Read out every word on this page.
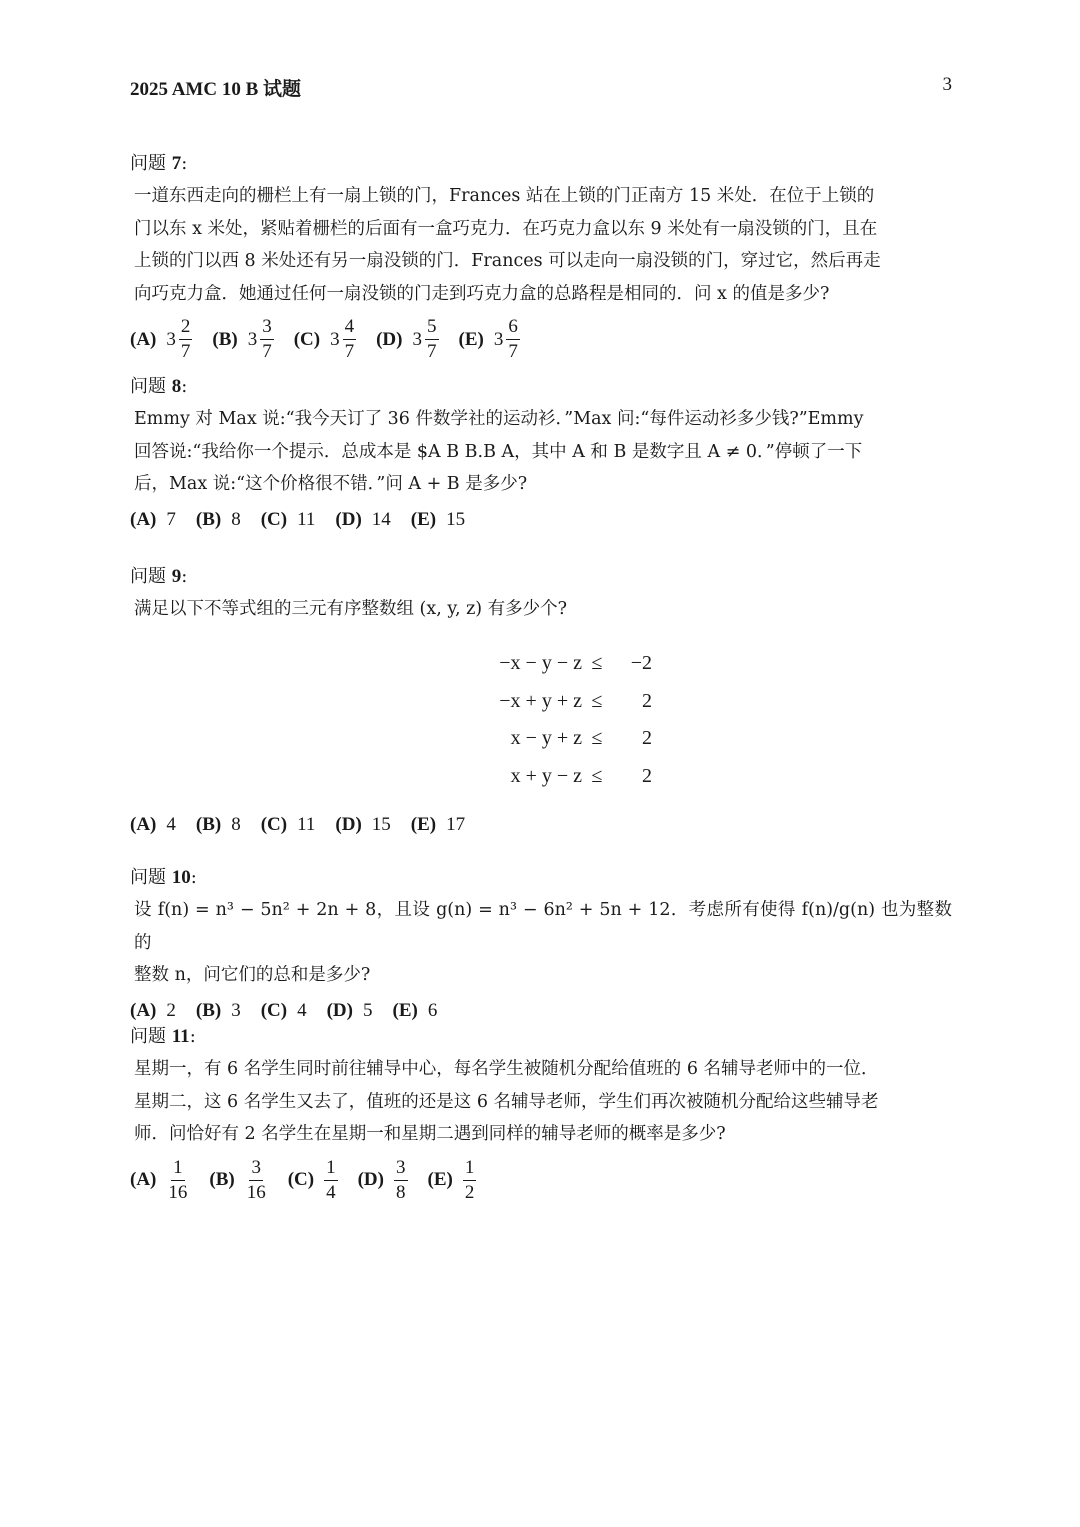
2025 AMC 10 B 试题	3

问题 7:

一道东西走向的栅栏上有一扇上锁的门，Frances 站在上锁的门正南方 15 米处．在位于上锁的
门以东 x 米处，紧贴着栅栏的后面有一盒巧克力．在巧克力盒以东 9 米处有一扇没锁的门，且在
上锁的门以西 8 米处还有另一扇没锁的门．Frances 可以走向一扇没锁的门，穿过它，然后再走
向巧克力盒．她通过任何一扇没锁的门走到巧克力盒的总路程是相同的．问 x 的值是多少?
(A) $3 \frac{2}{7} (B)$ $3 \frac{3}{7} (C)$ $3 \frac{4}{7} (D)$ $3 \frac{5}{7} (E)$ $3 \frac{6}{7}$

问题 8:

Emmy 对 Max 说:“我今天订了 36 件数学社的运动衫．”Max 问:“每件运动衫多少钱?”Emmy
回答说:“我给你一个提示．总成本是 $A B B.B A，其中 A 和 B 是数字且 A ≠ 0．”停顿了一下
后，Max 说:“这个价格很不错．”问 A + B 是多少?
(A) 7 (B) 8 (C) 11 (D) 14 (E) 15

问题 9:

满足以下不等式组的三元有序整数组 (x, y, z) 有多少个?
−x − y − z ≤	−2
−x + y + z ≤	2
x − y + z ≤	2
x + y − z ≤	2
(A) 4 (B) 8 (C) 11 (D) 15 (E) 17

问题 10:

设 f(n) = n³ − 5n² + 2n + 8，且设 g(n) = n³ − 6n² + 5n + 12．考虑所有使得 f(n)/g(n) 也为整数的
整数 n，问它们的总和是多少?
(A) 2 (B) 3 (C) 4 (D) 5 (E) 6

问题 11:

星期一，有 6 名学生同时前往辅导中心，每名学生被随机分配给值班的 6 名辅导老师中的一位．
星期二，这 6 名学生又去了，值班的还是这 6 名辅导老师，学生们再次被随机分配给这些辅导老
师．问恰好有 2 名学生在星期一和星期二遇到同样的辅导老师的概率是多少?
$(A) \frac{1}{16} (B) \frac{3}{16} (C) \frac{1}{4} (D) \frac{3}{8} (E) \frac{1}{2}$
